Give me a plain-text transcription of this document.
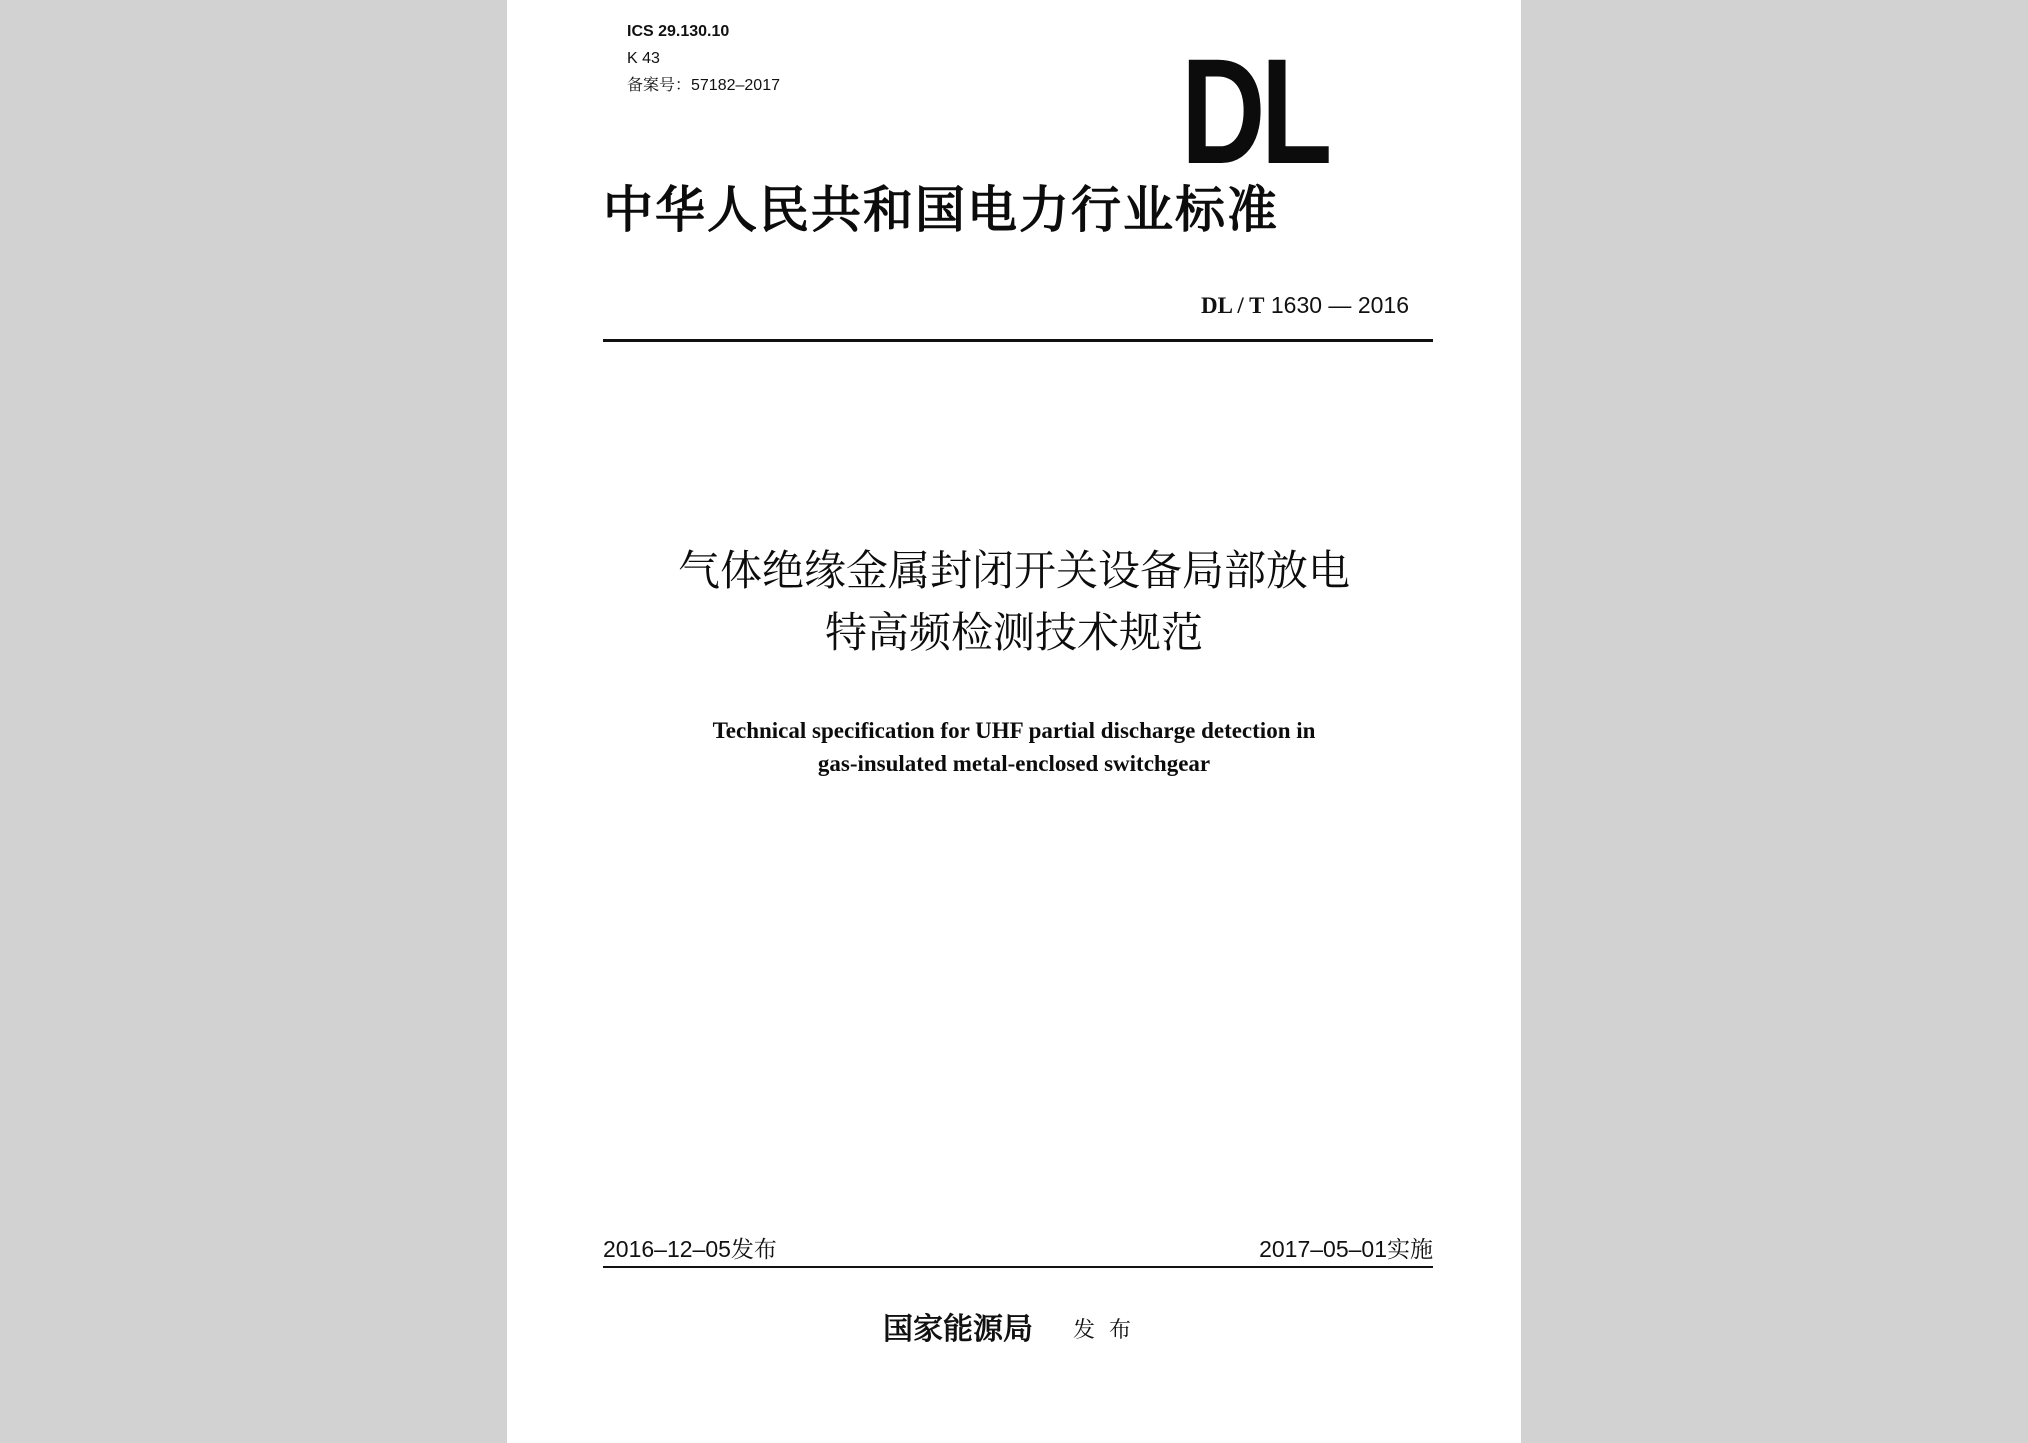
ICS 29.130.10
K 43
备案号：57182–2017	DL
中华人民共和国电力行业标准
DL / T 1630 — 2016
气体绝缘金属封闭开关设备局部放电
特高频检测技术规范
Technical specification for UHF partial discharge detection in
gas-insulated metal-enclosed switchgear
2016–12–05发布	2017–05–01实施
国家能源局 发布
